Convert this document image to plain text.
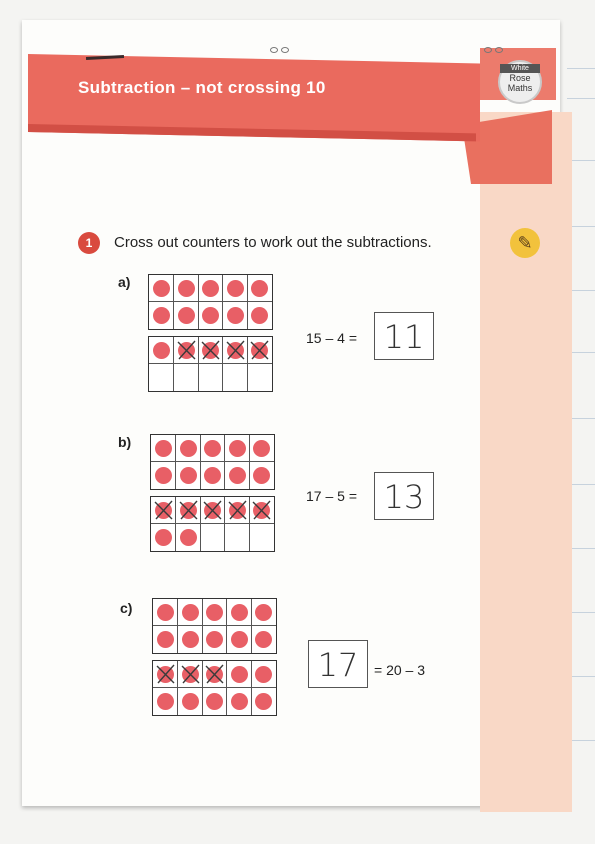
Subtraction – not crossing 10
White
Rose
Maths
1	Cross out counters to work out the subtractions.	✎
a)
15 – 4 = 11
b)
17 – 5 = 13
c)
17	= 20 – 3
